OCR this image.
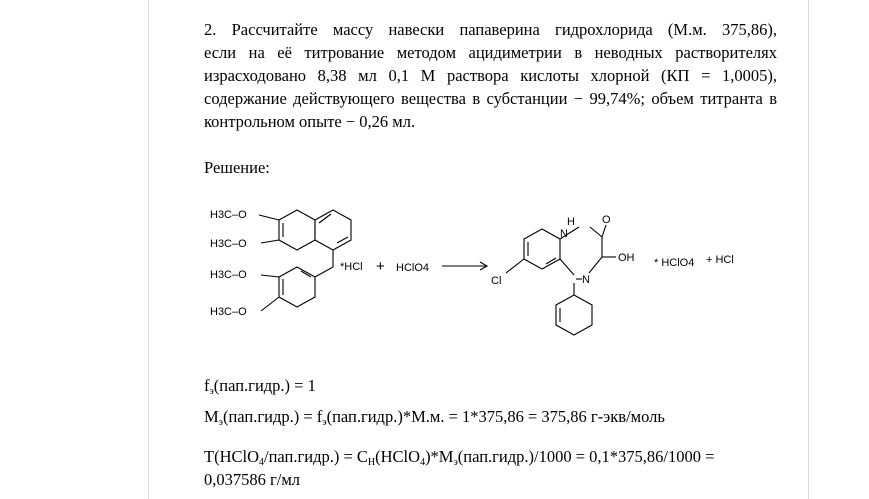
2. Рассчитайте массу навески папаверина гидрохлорида (М.м. 375,86),
если на её титрование методом ацидиметрии в неводных растворителях
израсходовано 8,38 мл 0,1 М раствора кислоты хлорной (КП = 1,0005),
содержание действующего вещества в субстанции − 99,74%; объем титранта в
контрольном опыте − 0,26 мл.

Решение:

H3C–O
H3C–O
H3C–O
H3C–O
*HCl + HClO4
H
N
O
OH
N
Cl
* HClO4 + HCl

$f_э(пап.гидр.) = 1$

$M_э(пап.гидр.)$ = $f_э(пап.гидр.)*М.м$. = 1*375,86 = 375,86 г-экв/моль

T(HClO$_4$/пап.гидр.) = $C_H(HClO_4)*M_э(пап.гидр.)/1000 = 0,1*375,86/1000$ =

0,037586 г/мл
